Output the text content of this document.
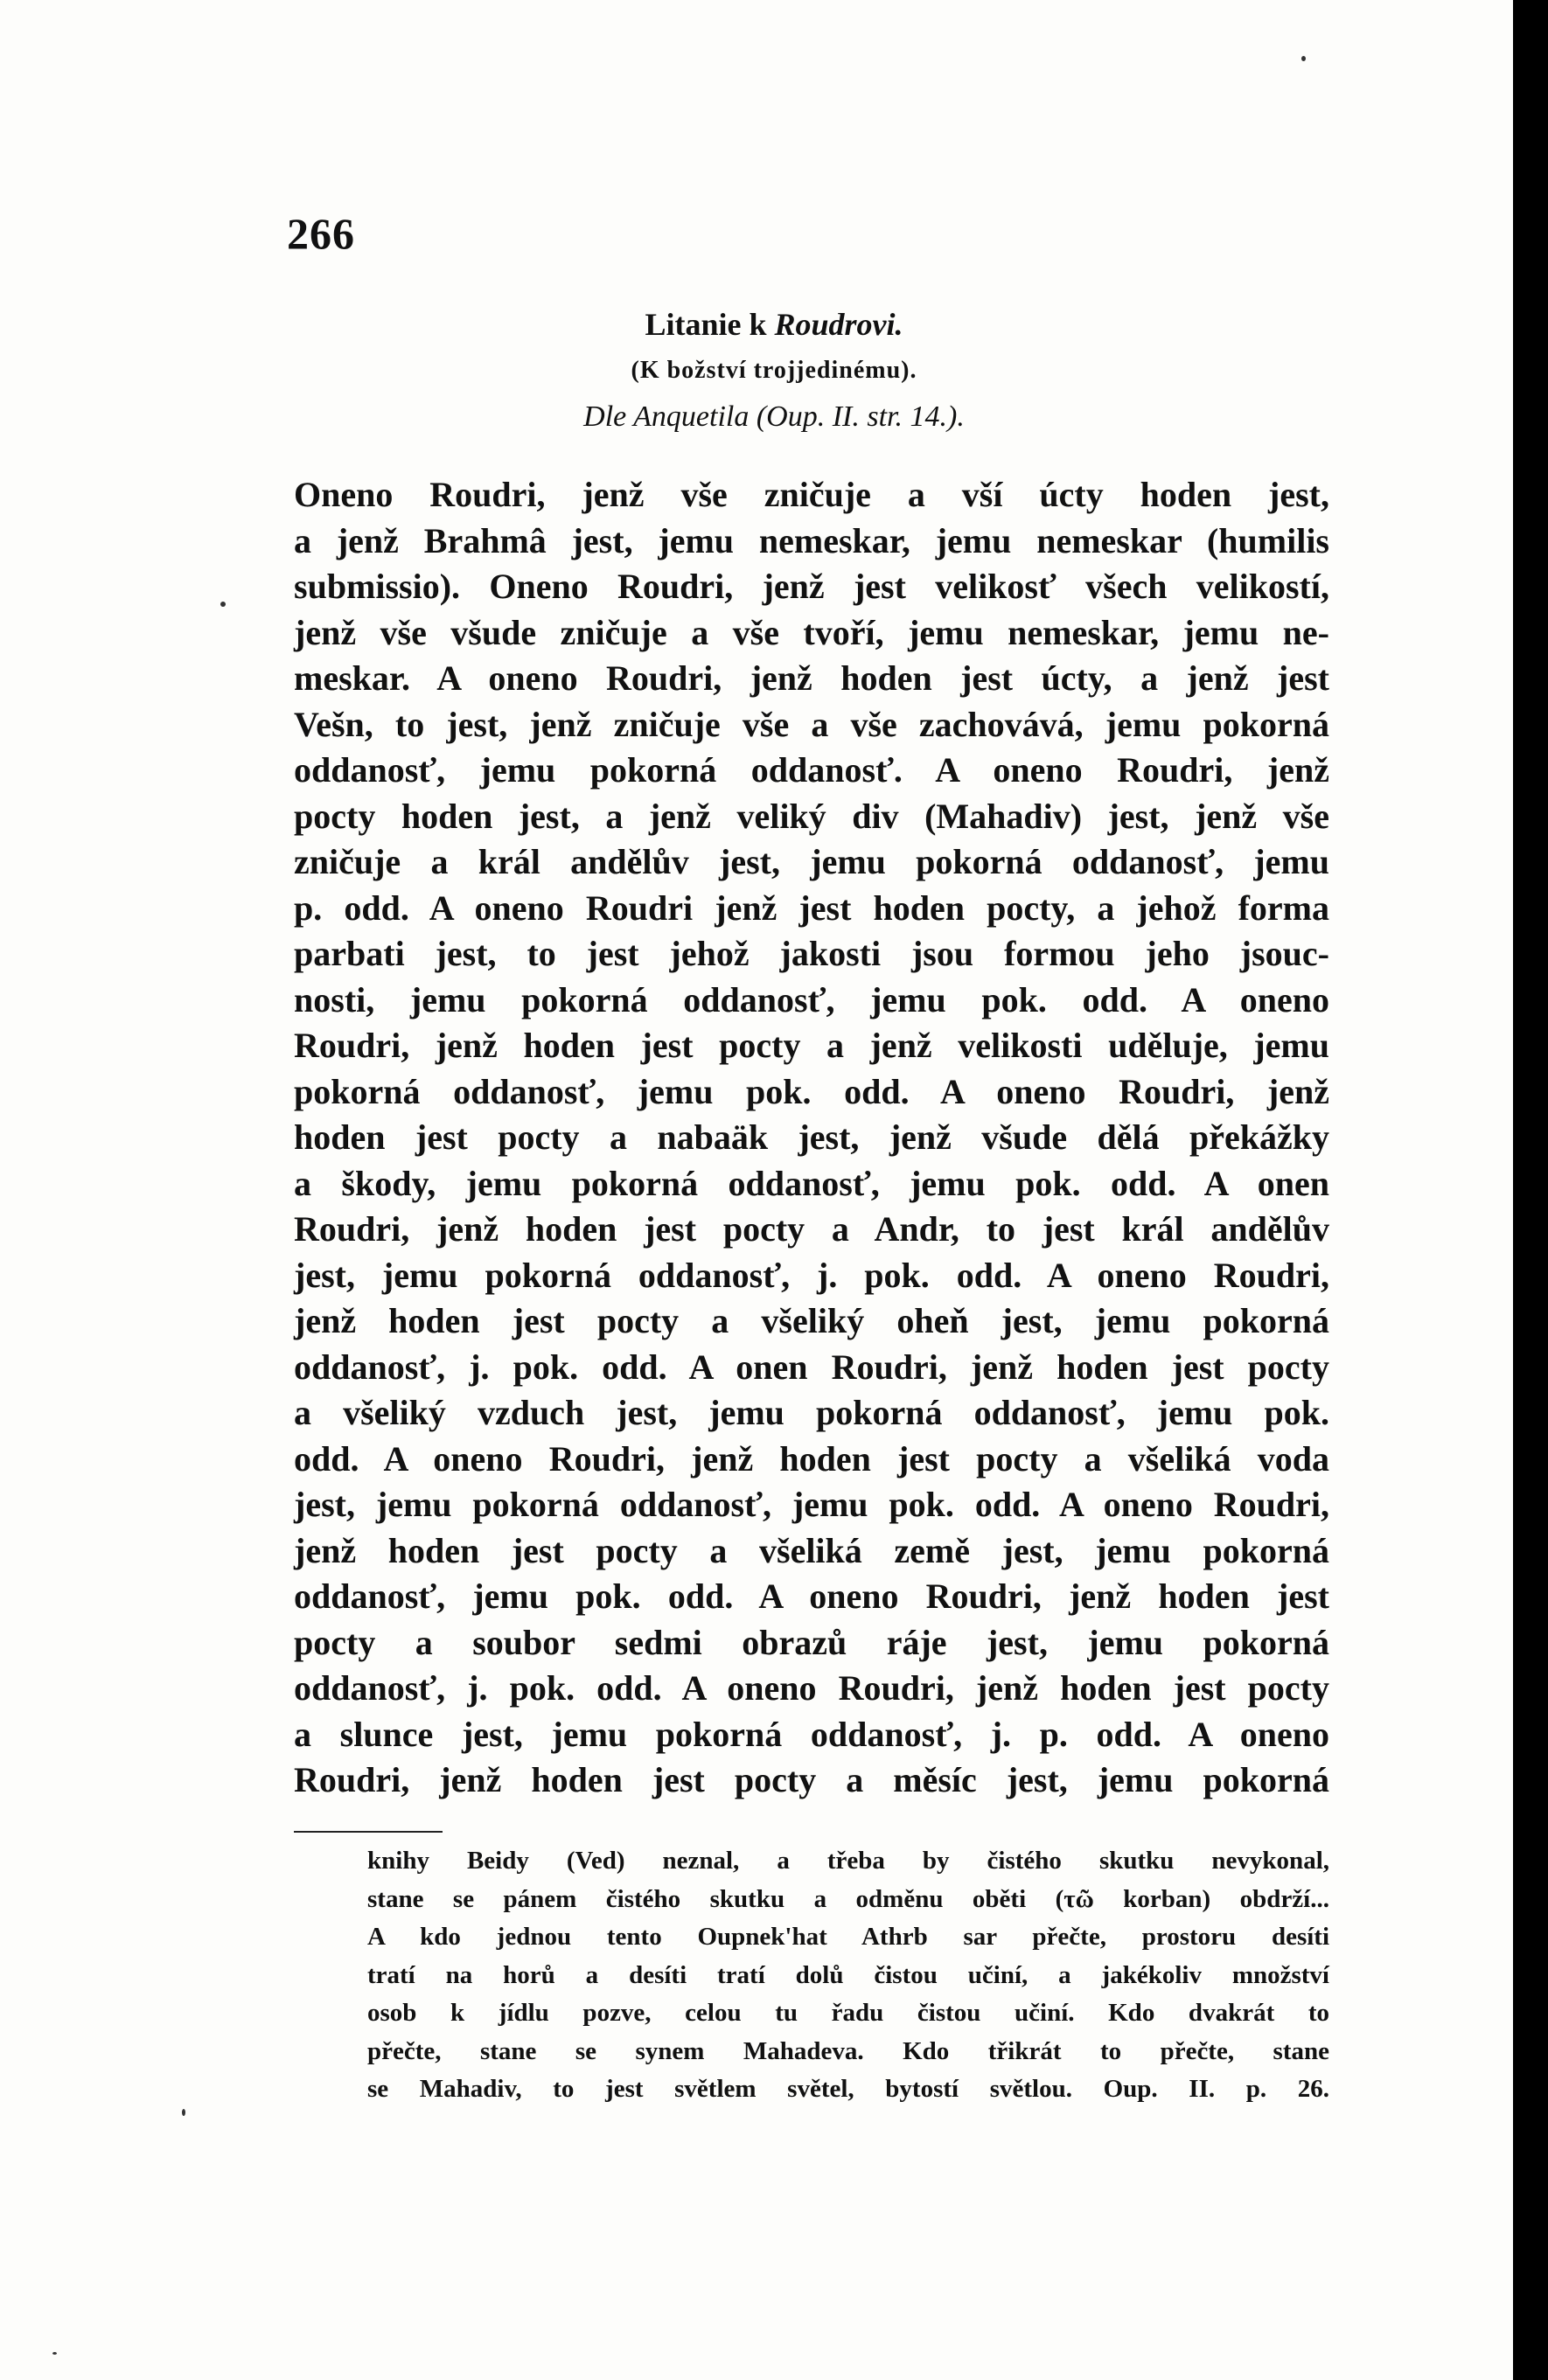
266
Litanie k Roudrovi.
(K božství trojjedinému).
Dle Anquetila (Oup. II. str. 14.).
Oneno Roudri, jenž vše zničuje a vší úcty hoden jest,
a jenž Brahmâ jest, jemu nemeskar, jemu nemeskar (humilis
submissio). Oneno Roudri, jenž jest velikosť všech velikostí,
jenž vše všude zničuje a vše tvoří, jemu nemeskar, jemu ne-
meskar. A oneno Roudri, jenž hoden jest úcty, a jenž jest
Vešn, to jest, jenž zničuje vše a vše zachovává, jemu pokorná
oddanosť, jemu pokorná oddanosť. A oneno Roudri, jenž
pocty hoden jest, a jenž veliký div (Mahadiv) jest, jenž vše
zničuje a král andělův jest, jemu pokorná oddanosť, jemu
p. odd. A oneno Roudri jenž jest hoden pocty, a jehož forma
parbati jest, to jest jehož jakosti jsou formou jeho jsouc-
nosti, jemu pokorná oddanosť, jemu pok. odd. A oneno
Roudri, jenž hoden jest pocty a jenž velikosti uděluje, jemu
pokorná oddanosť, jemu pok. odd. A oneno Roudri, jenž
hoden jest pocty a nabaäk jest, jenž všude dělá překážky
a škody, jemu pokorná oddanosť, jemu pok. odd. A onen
Roudri, jenž hoden jest pocty a Andr, to jest král andělův
jest, jemu pokorná oddanosť, j. pok. odd. A oneno Roudri,
jenž hoden jest pocty a všeliký oheň jest, jemu pokorná
oddanosť, j. pok. odd. A onen Roudri, jenž hoden jest pocty
a všeliký vzduch jest, jemu pokorná oddanosť, jemu pok.
odd. A oneno Roudri, jenž hoden jest pocty a všeliká voda
jest, jemu pokorná oddanosť, jemu pok. odd. A oneno Roudri,
jenž hoden jest pocty a všeliká země jest, jemu pokorná
oddanosť, jemu pok. odd. A oneno Roudri, jenž hoden jest
pocty a soubor sedmi obrazů ráje jest, jemu pokorná
oddanosť, j. pok. odd. A oneno Roudri, jenž hoden jest pocty
a slunce jest, jemu pokorná oddanosť, j. p. odd. A oneno
Roudri, jenž hoden jest pocty a měsíc jest, jemu pokorná
knihy Beidy (Ved) neznal, a třeba by čistého skutku nevykonal,
stane se pánem čistého skutku a odměnu oběti (τῶ korban) obdrží...
A kdo jednou tento Oupnek'hat Athrb sar přečte, prostoru desíti
tratí na horů a desíti tratí dolů čistou učiní, a jakékoliv množství
osob k jídlu pozve, celou tu řadu čistou učiní. Kdo dvakrát to
přečte, stane se synem Mahadeva. Kdo třikrát to přečte, stane
se Mahadiv, to jest světlem světel, bytostí světlou. Oup. II. p. 26.
